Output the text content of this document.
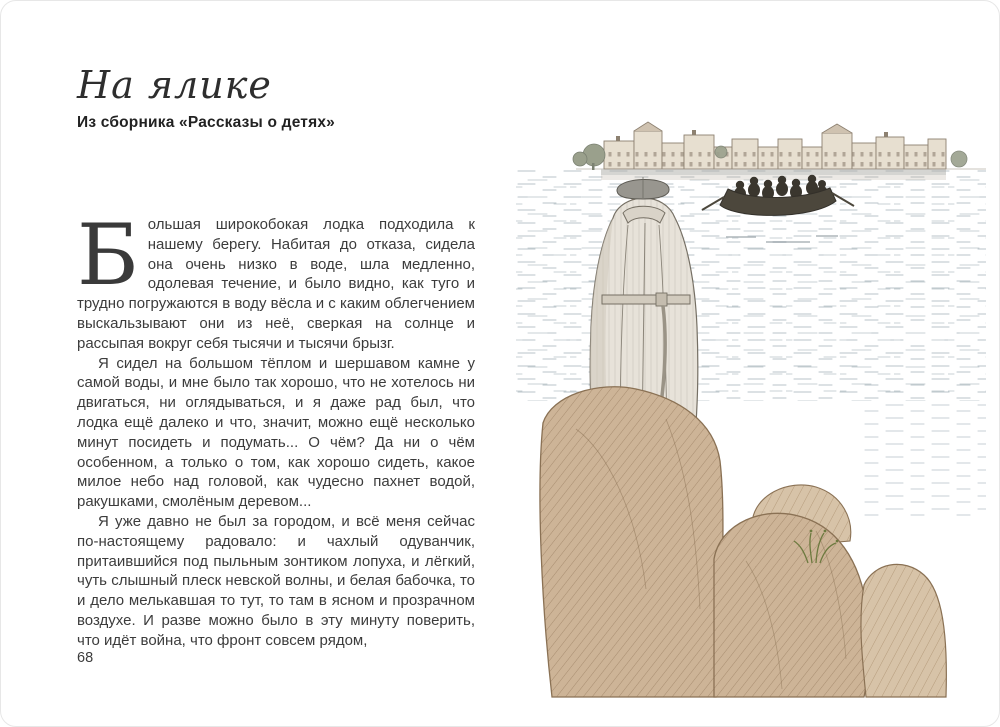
На ялике
Из сборника «Рассказы о детях»

Большая широкобокая лодка подходила к нашему берегу. Набитая до отказа, сидела она очень низко в воде, шла медленно, одолевая течение, и было видно, как туго и трудно погружаются в воду вёсла и с каким облегчением выскальзывают они из неё, сверкая на солнце и рассыпая вокруг себя тысячи и тысячи брызг.

Я сидел на большом тёплом и шершавом камне у самой воды, и мне было так хорошо, что не хотелось ни двигаться, ни оглядываться, и я даже рад был, что лодка ещё далеко и что, значит, можно ещё несколько минут посидеть и подумать... О чём? Да ни о чём особенном, а только о том, как хорошо сидеть, какое милое небо над головой, как чудесно пахнет водой, ракушками, смолёным деревом...

Я уже давно не был за городом, и всё меня сейчас по-настоящему радовало: и чахлый одуванчик, притаившийся под пыльным зонтиком лопуха, и лёгкий, чуть слышный плеск невской волны, и белая бабочка, то и дело мелькавшая то тут, то там в ясном и прозрачном воздухе. И разве можно было в эту минуту поверить, что идёт война, что фронт совсем рядом,

68
